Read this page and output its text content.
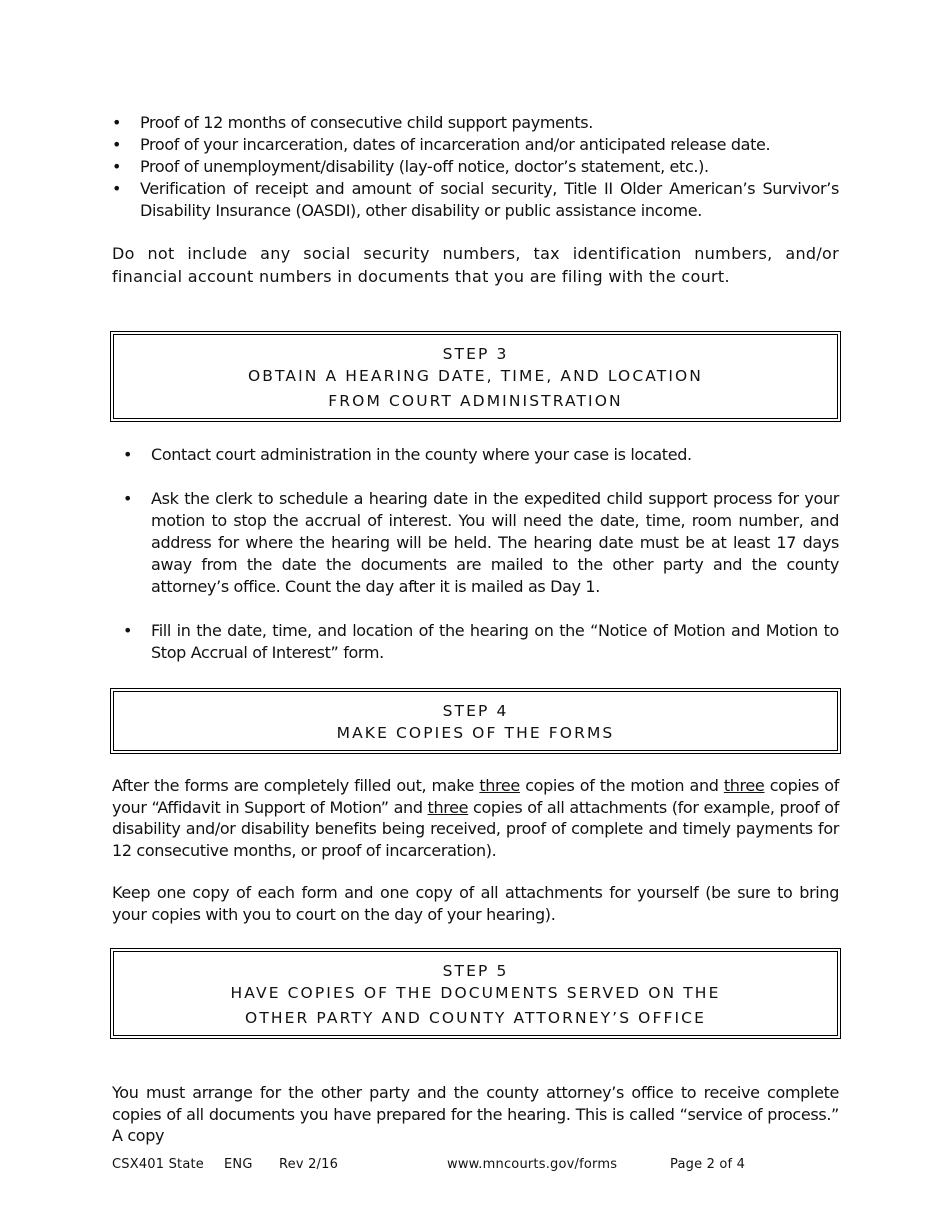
• Proof of 12 months of consecutive child support payments.
• Proof of your incarceration, dates of incarceration and/or anticipated release date.
• Proof of unemployment/disability (lay-off notice, doctor’s statement, etc.).
• Verification of receipt and amount of social security, Title II Older American’s Survivor’s Disability Insurance (OASDI), other disability or public assistance income.

Do not include any social security numbers, tax identification numbers, and/or financial account numbers in documents that you are filing with the court.

STEP 3
OBTAIN A HEARING DATE, TIME, AND LOCATION
FROM COURT ADMINISTRATION
• Contact court administration in the county where your case is located.
• Ask the clerk to schedule a hearing date in the expedited child support process for your motion to stop the accrual of interest. You will need the date, time, room number, and address for where the hearing will be held. The hearing date must be at least 17 days away from the date the documents are mailed to the other party and the county attorney’s office. Count the day after it is mailed as Day 1.
• Fill in the date, time, and location of the hearing on the “Notice of Motion and Motion to Stop Accrual of Interest” form.
STEP 4
MAKE COPIES OF THE FORMS

After the forms are completely filled out, make three copies of the motion and three copies of your “Affidavit in Support of Motion” and three copies of all attachments (for example, proof of disability and/or disability benefits being received, proof of complete and timely payments for 12 consecutive months, or proof of incarceration).

Keep one copy of each form and one copy of all attachments for yourself (be sure to bring your copies with you to court on the day of your hearing).

STEP 5
HAVE COPIES OF THE DOCUMENTS SERVED ON THE
OTHER PARTY AND COUNTY ATTORNEY’S OFFICE

You must arrange for the other party and the county attorney’s office to receive complete copies of all documents you have prepared for the hearing. This is called “service of process.” A copy

CSX401 State ENG Rev 2/16	www.mncourts.gov/forms	Page 2 of 4
